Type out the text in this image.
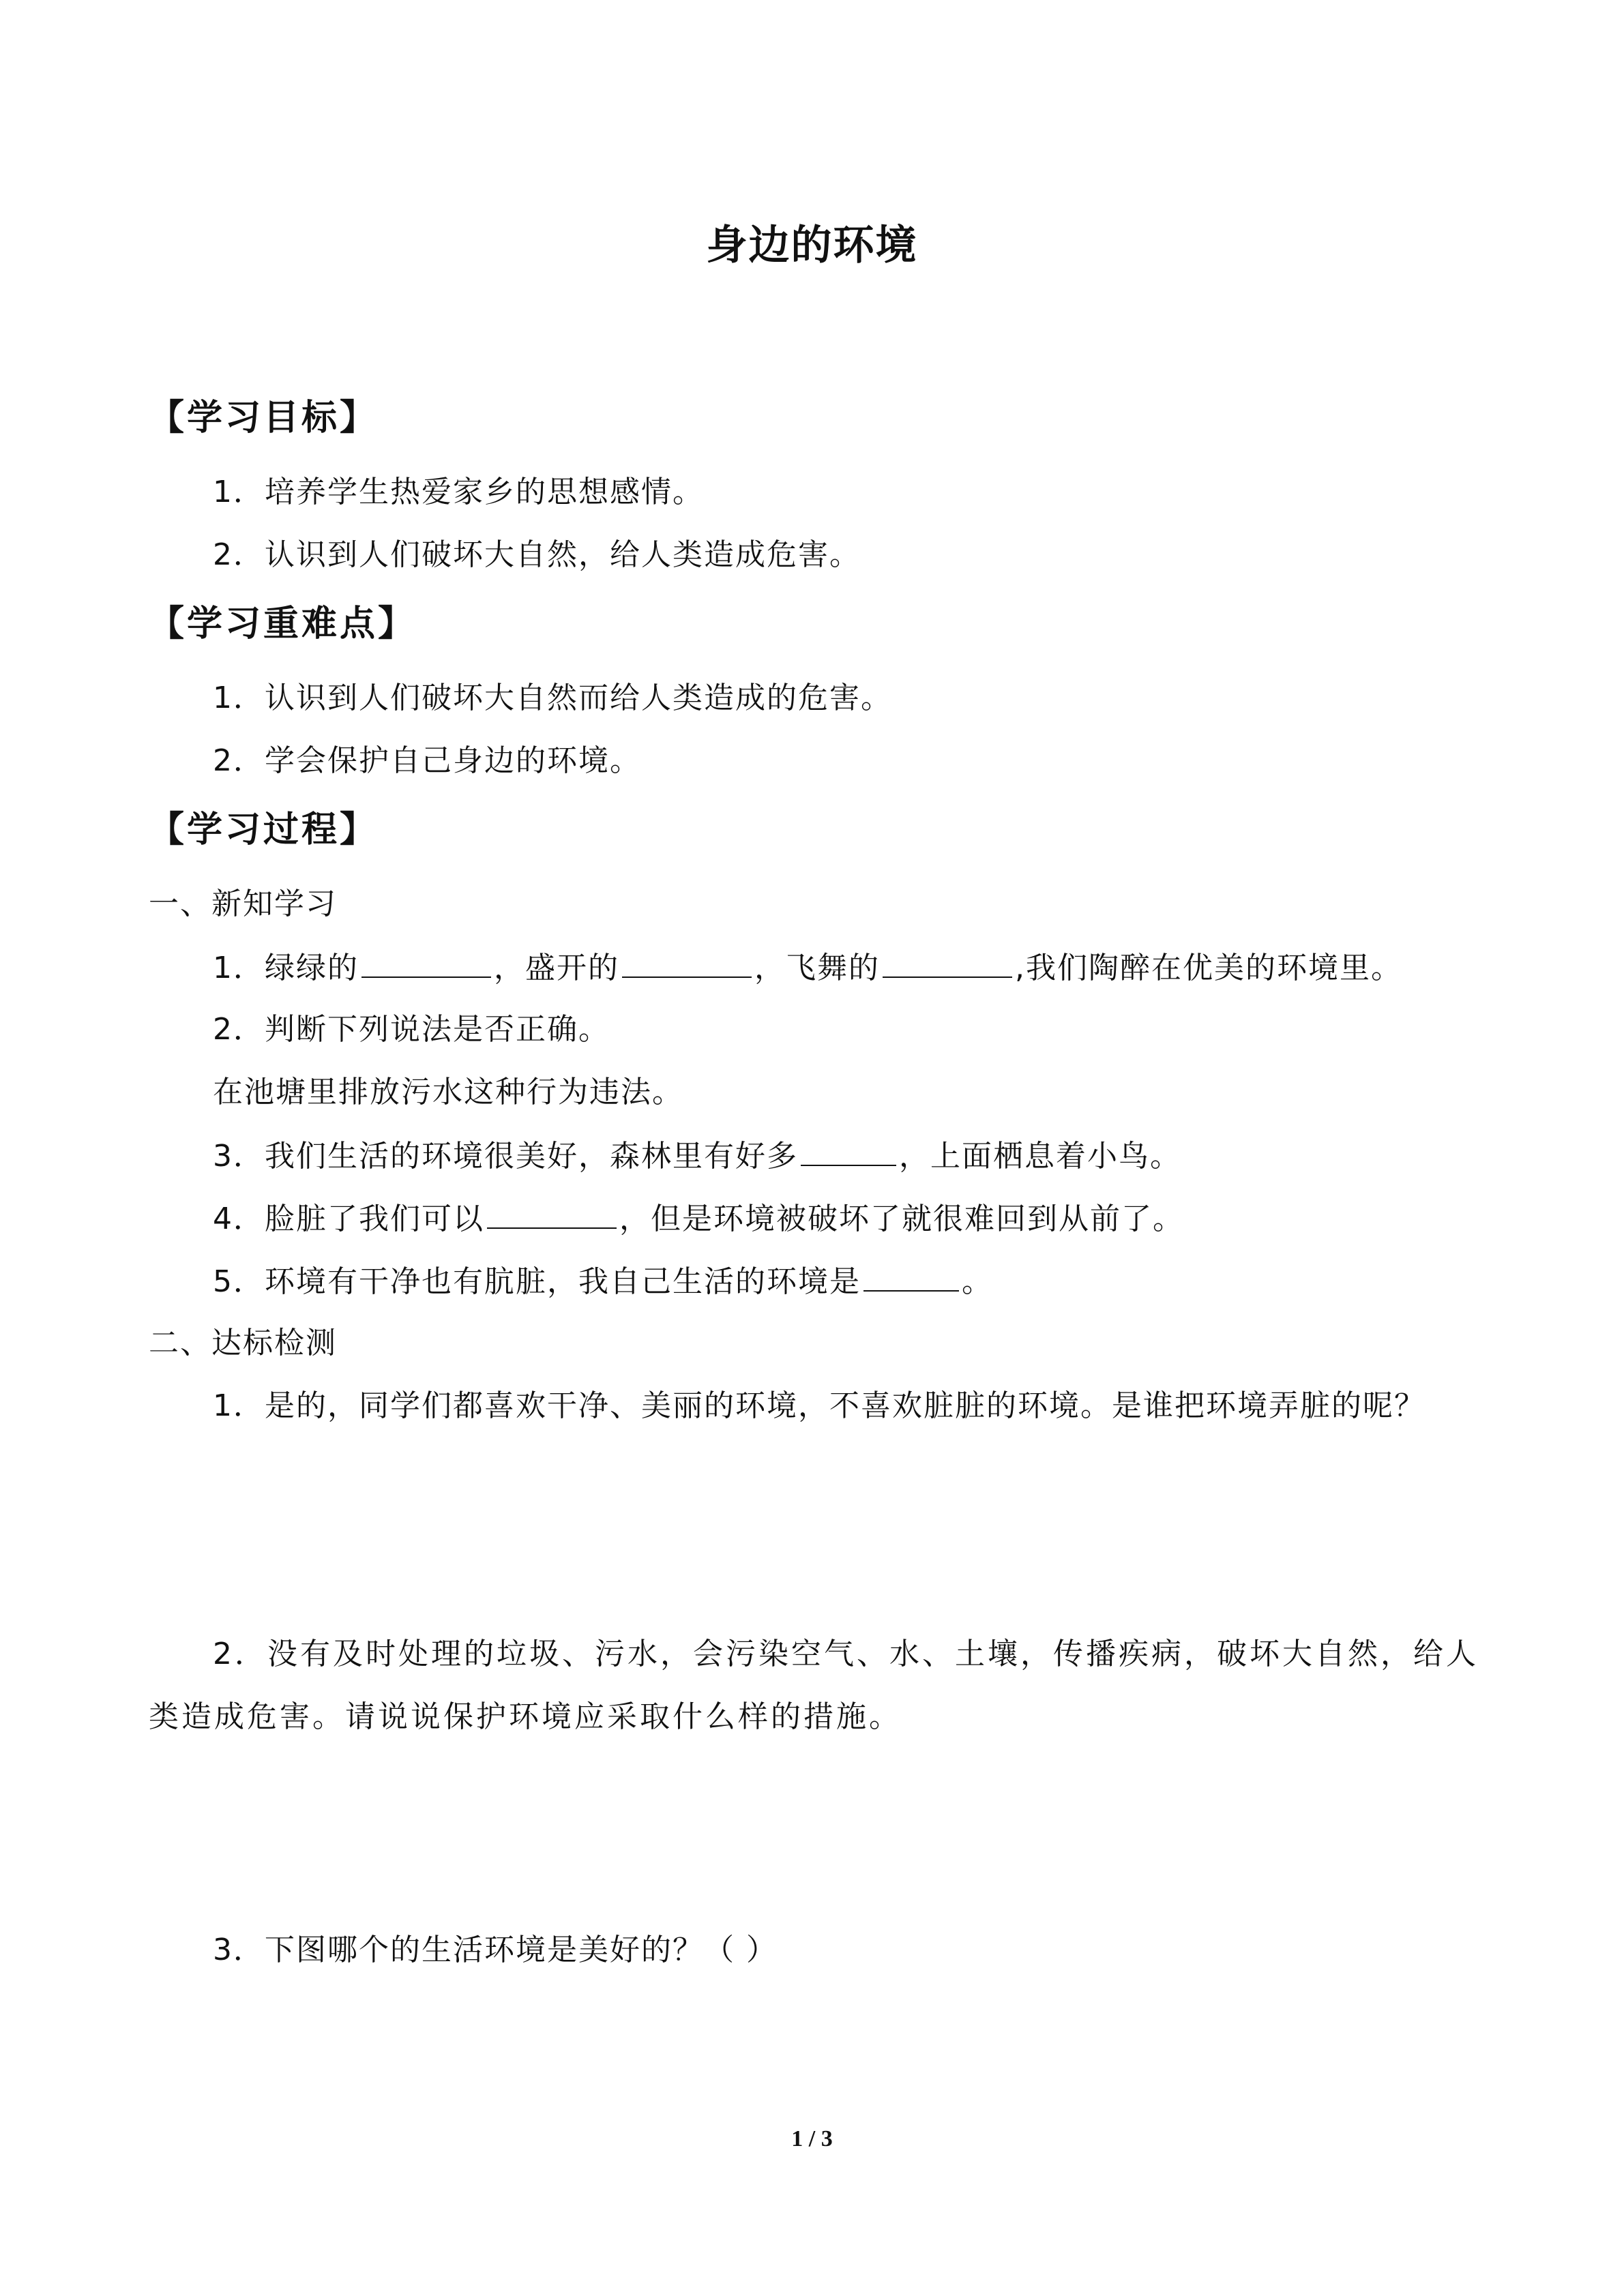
身边的环境
【学习目标】
1．培养学生热爱家乡的思想感情。
2．认识到人们破坏大自然，给人类造成危害。
【学习重难点】
1．认识到人们破坏大自然而给人类造成的危害。
2．学会保护自己身边的环境。
【学习过程】
一、新知学习
1．绿绿的	，盛开的	，飞舞的	,我们陶醉在优美的环境里。
2．判断下列说法是否正确。
在池塘里排放污水这种行为违法。
3．我们生活的环境很美好，森林里有好多	，上面栖息着小鸟。
4．脸脏了我们可以	，但是环境被破坏了就很难回到从前了。
5．环境有干净也有肮脏，我自己生活的环境是	。
二、达标检测
1．是的，同学们都喜欢干净、美丽的环境，不喜欢脏脏的环境。是谁把环境弄脏的呢？
2．没有及时处理的垃圾、污水，会污染空气、水、土壤，传播疾病，破坏大自然，给人类造成危害。请说说保护环境应采取什么样的措施。
3．下图哪个的生活环境是美好的？（ ）
1 / 3
